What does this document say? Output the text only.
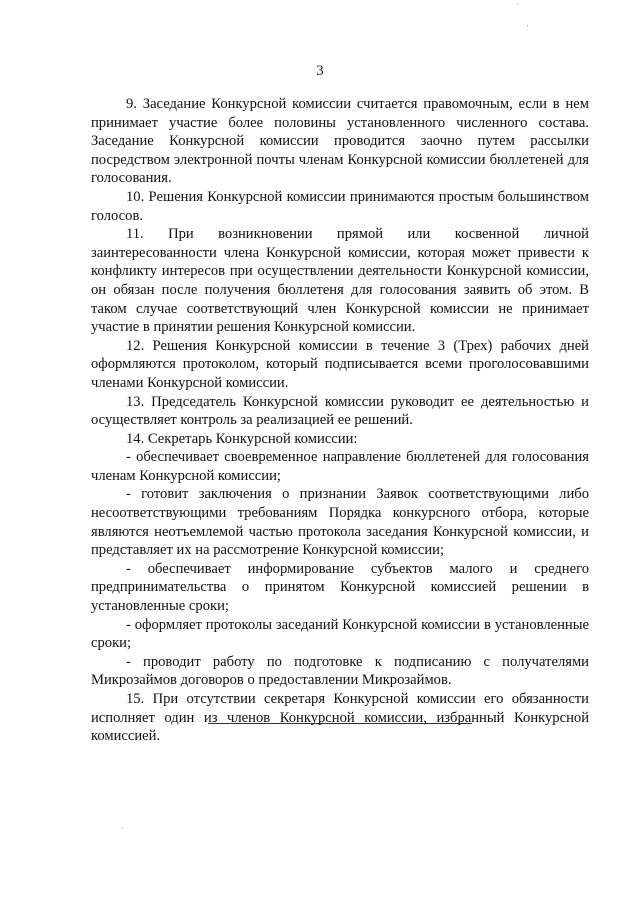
3

9. Заседание Конкурсной комиссии считается правомочным, если в нем принимает участие более половины установленного численного состава. Заседание Конкурсной комиссии проводится заочно путем рассылки посредством электронной почты членам Конкурсной комиссии бюллетеней для голосования.

10. Решения Конкурсной комиссии принимаются простым большинством голосов.

11. При возникновении прямой или косвенной личной заинтересованности члена Конкурсной комиссии, которая может привести к конфликту интересов при осуществлении деятельности Конкурсной комиссии, он обязан после получения бюллетеня для голосования заявить об этом. В таком случае соответствующий член Конкурсной комиссии не принимает участие в принятии решения Конкурсной комиссии.

12. Решения Конкурсной комиссии в течение 3 (Трех) рабочих дней оформляются протоколом, который подписывается всеми проголосовавшими членами Конкурсной комиссии.

13. Председатель Конкурсной комиссии руководит ее деятельностью и осуществляет контроль за реализацией ее решений.

14. Секретарь Конкурсной комиссии:

- обеспечивает своевременное направление бюллетеней для голосования членам Конкурсной комиссии;

- готовит заключения о признании Заявок соответствующими либо несоответствующими требованиям Порядка конкурсного отбора, которые являются неотъемлемой частью протокола заседания Конкурсной комиссии, и представляет их на рассмотрение Конкурсной комиссии;

- обеспечивает информирование субъектов малого и среднего предпринимательства о принятом Конкурсной комиссией решении в установленные сроки;

- оформляет протоколы заседаний Конкурсной комиссии в установленные сроки;

- проводит работу по подготовке к подписанию с получателями Микрозаймов договоров о предоставлении Микрозаймов.

15. При отсутствии секретаря Конкурсной комиссии его обязанности исполняет один из членов Конкурсной комиссии, избранный Конкурсной комиссией.
